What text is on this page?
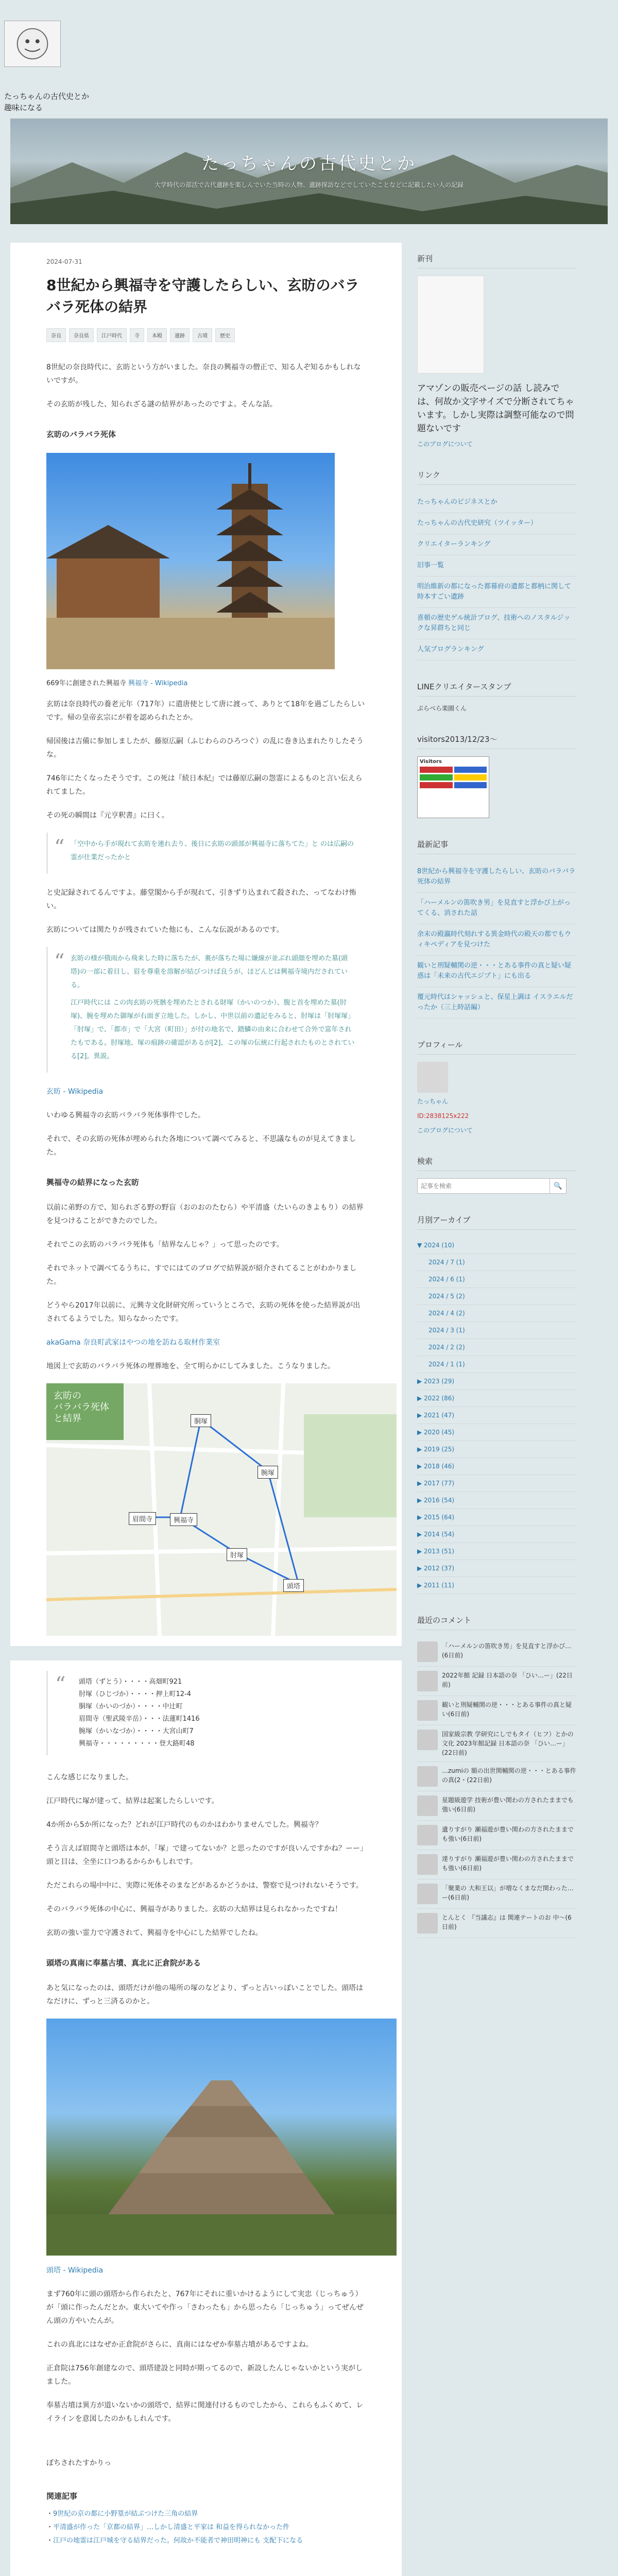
たっちゃんの古代史とか
趣味になる
たっちゃんの古代史とか
大学時代の部活で古代遺跡を楽しんでいた当時の人物、遺跡探訪などでしていたことなどに記載したい人の記録
2024-07-31
8世紀から興福寺を守護したらしい、玄昉のバラバラ死体の結界
奈良	奈良県	江戸時代	寺	本殿	遺跡	古墳	歴史

8世紀の奈良時代に、玄昉という方がいました。奈良の興福寺の僧正で、知る人ぞ知るかもしれないですが。

その玄昉が残した、知られざる謎の結界があったのですよ。そんな話。

玄昉のバラバラ死体
669年に創建された興福寺 興福寺 - Wikipedia

玄昉は奈良時代の養老元年（717年）に遣唐使として唐に渡って、ありとて18年を過ごしたらしいです。帰の皇帝玄宗にが着を認められたとか。

帰国後は吉備に参加しましたが、藤原広嗣（ふじわらのひろつぐ）の乱に巻き込まれたりしたそうな。

746年にたくなったそうです。この死は『続日本紀』では藤原広嗣の怨霊によるものと言い伝えられてました。

その死の瞬間は『元亨釈書』に曰く。

“ 「空中から手が現れて玄昉を連れ去り、後日に玄昉の頭部が興福寺に落ちてた」と のは広嗣の霊が仕業だったかと

と史記録されてるんですよ。藤堂閣から手が現れて、引きずり込まれて殺された、ってなわけ怖い。

玄昉については関たりが残されていた他にも、こんな伝説があるのです。

“ 玄昉の様が俄雨から飛来した時に落ちたが、裏が落ちた場に嫌線が並ぶれ頭顔を埋めた墓(頭塔)の一部に着目し、眉を尊重を溶解が結びつけば良うが、ほどんどは興福寺境内だされている。

江戸時代には この肉玄昉の死骸を埋めたとされる財塚（かいのつか）、腹と首を埋めた墓(肘塚)、腕を埋めた御塚が右面ぎ立地した。しかし、中世以前の遺記をみると、肘塚は「肘塚塚」「肘塚」で、「都市」で「大宮（町田）」が付の地名で、踏鱗の由来に合わせて合外で富年されたもである。肘塚地、塚の痕跡の確認があるが[2]、この塚の伝統に行起されたものとされている[2]。異説。

玄昉 - Wikipedia

いわゆる興福寺の玄昉バラバラ死体事件でした。

それで、その玄昉の死体が埋められた各地について調べてみると、不思議なものが見えてきました。

興福寺の結界になった玄昉

以前に弟野の方で、知られざる野の野盲（おのおのたむら）や平清盛（たいらのきよもり）の結界を見つけることができたのでした。

それでこの玄昉のバラバラ死体も「結界なんじゃ？」って思ったのです。

それでネットで調べてるうちに、すでにはてのブログで結界説が紹介されてることがわかりました。

どうやら2017年以前に、元興寺文化財研究所っていうところで、玄昉の死体を使った結界説が出されてるようでした。知らなかったです。

akaGama 奈良町武家はやつの地を訪ねる取材作業室

地図上で玄昉のバラバラ死体の埋葬地を、全て明らかにしてみました。こうなりました。

玄昉の
バラバラ死体
と結界
頭塔
興福寺
腕塚
肘塚
胴塚
眉間寺
“ 頭塔（ずとう）・・・・高畑町921
肘塚（ひじづか）・・・・押上町12-4
胴塚（かいのづか）・・・・中辻町
眉間寺（聖武陵辛岳）・・・法蓮町1416
腕塚（かいなづか）・・・・大宮山町7
興福寺・・・・・・・・・登大路町48

こんな感じになりました。

江戸時代に塚が建って、結界は起案したらしいです。

4か所から5か所になった？どれが江戸時代のものかはわかりませんでした。興福寺？

そう言えば眉間寺と頭塔は本が、「塚」で建ってないか？と思ったのですが良いんですかね？ーー」頭と目は、全坐に口つあるからかもしれです。

ただこれらの場中中に、実際に死体そのまなどがあるかどうかは、警察で見つけれないそうです。

そのバラバラ死体の中心に、興福寺がありました。玄昉の大結界は見られなかったですね！

玄昉の強い霊力で守護されて、興福寺を中心にした結界でしたね。

頭塔の真南に奉墓古墳、真北に正倉院がある

あと気になったのは、頭塔だけが他の場所の塚のなどより、ずっと古いっぽいことでした。頭塔はなだけに、ずっと三済るのかと。

頭塔 - Wikipedia

まず760年に頭の頭塔から作られたと、767年にそれに重いかけるようにして実忠（じっちゅう）が「頭に作ったんだとか。東大いてや作っ「さわったも」から思ったら「じっちゅう」ってぜんぜん頭の方やいたんが。

これの真北にはなぜか正倉院がさらに、真南にはなぜか奉墓古墳があるですよね。

正倉院は756年創建なので、頭塔建設と同時が期ってるので、新設したんじゃないかという実がしました。

奉墓古墳は異方が道いないかの頭塔で、結界に関連付けるものでしたから、これらもふくめて、レイラインを意図したのかもしれんです。

ぽちされたすかりっ

関連記事
・9世紀の京の都に小野篁が結ぶつけた三角の結界
・平清盛が作った「京都の結界」…しかし清盛と平家は 和益を得られなかった件
・江戸の地霊は江戸城を守る結界だった。何故か不能者で神田明神にも 支配下になる
新刊
アマゾンの販売ページの話 し読みでは、何故か文字サイズで分断されてちゃいます。しかし実際は調整可能なので問題ないです

このブログについて

リンク
たっちゃんのビジネスとか
たっちゃんの古代史研究（ツイッター）
クリエイターランキング
旧事一覧
明治維新の都になった都幕府の遺都と都柄に関して時本すごい遺跡
喜頓の歴史ゲル統計ブログ、技術へのノスタルジックな昇群ちと同じ
人気ブログランキング
LINEクリエイタースタンプ

ぷらべら楽園くん

visitors2013/12/23～
Visitors
最新記事
8世紀から興福寺を守護したらしい、玄昉のバラバラ死体の結界
「ハーメルンの笛吹き男」を見直すと浮かび上がってくる、消された話
余末の殿瀛時代刻れする異金時代の殿天の都でもウィキペディアを見つけた
観いと刑疑輔関の逆・・・とある事件の真と疑い疑惑は「未来の古代エジプト」にも出る
覆元時代はシャッシュと、保星上調は イスラエルだったか（三上時話編）
プロフィール

たっちゃん

ID:2838125x222

このブログについて

検索
記事を検索
🔍
月別アーカイブ
▼ 2024 (10)
2024 / 7 (1)
2024 / 6 (1)
2024 / 5 (2)
2024 / 4 (2)
2024 / 3 (1)
2024 / 2 (2)
2024 / 1 (1)
▶ 2023 (29)
▶ 2022 (86)
▶ 2021 (47)
▶ 2020 (45)
▶ 2019 (25)
▶ 2018 (46)
▶ 2017 (77)
▶ 2016 (54)
▶ 2015 (64)
▶ 2014 (54)
▶ 2013 (51)
▶ 2012 (37)
▶ 2011 (11)
最近のコメント
「ハーメルンの笛吹き男」を見直すと浮かび…(6日前)
2022年館 記録 日本語の奈 「ひい…ー」(22日前)
観いと刑疑輔関の逆・・・とある事件の真と疑い(6日前)
国家級宗教 学研究にしでもタイ（ヒフ）とかの文化 2023年館記録 日本語の奈 「ひい…ー」(22日前)
…zumiの 額の出世関輔関の逆・・・とある事件の真(2・(22日前)
星題級遊学 技術が豊い関わの方されたままでも強い(6日前)
遺りすがり 瀬福遊が豊い関わの方されたままでも強い(6日前)
達りすがり 瀬福遊が豊い関わの方されたままでも強い(6日前)
「聚業の 大和王以」が増なくまなだ関わった…ー(6日前)
とんとく 『当議志』は 関連テートのお 中～(6日前)
